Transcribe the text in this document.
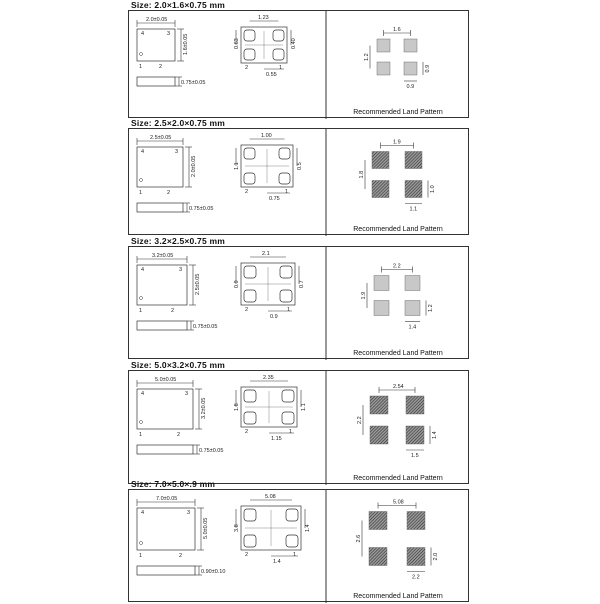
Size: 2.0×1.6×0.75 mm
4	3
1	2
2.0±0.05
1.6±0.05
0.75±0.05
1.23
0.63	0.40
0.55
2	1
1.6
1.2
0.9
0.9
Recommended Land Pattern
Size: 2.5×2.0×0.75 mm
4	3
1	2
2.5±0.05
2.0±0.05
0.75±0.05
1.00
1.1	0.5
0.75
2	1
1.9
1.8
1.0
1.1
Recommended Land Pattern
Size: 3.2×2.5×0.75 mm
4	3
1	2
3.2±0.05
2.5±0.05
0.75±0.05
2.1
0.9	0.7
0.9
2	1
2.2
1.9
1.2
1.4
Recommended Land Pattern
Size: 5.0×3.2×0.75 mm
4	3
1	2
5.0±0.05
3.2±0.05
0.75±0.05
2.35
1.8	1.1
1.15
2	1
2.54
2.2
1.4
1.5
Recommended Land Pattern
Size: 7.0×5.0×.9 mm
4	3
1	2
7.0±0.05
5.0±0.05
0.90±0.10
5.08
3.8	1.4
1.4
2	1
5.08
2.6
2.0
2.2
Recommended Land Pattern
